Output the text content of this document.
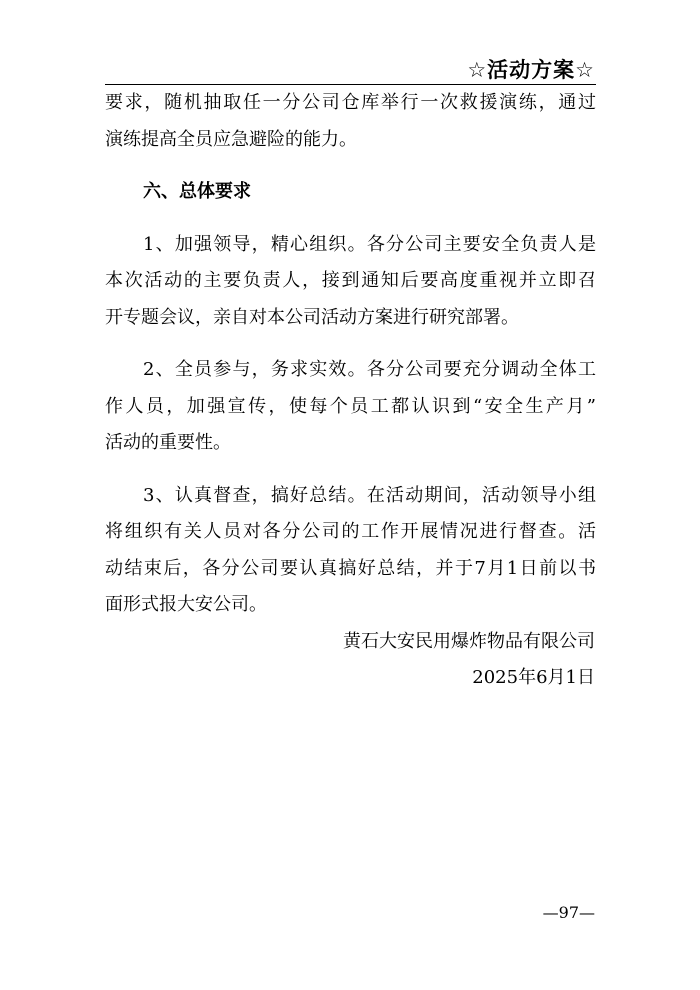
☆活动方案☆
要求，随机抽取任一分公司仓库举行一次救援演练，通过
演练提高全员应急避险的能力。
六、总体要求
1、加强领导，精心组织。各分公司主要安全负责人是
本次活动的主要负责人，接到通知后要高度重视并立即召
开专题会议，亲自对本公司活动方案进行研究部署。
2、全员参与，务求实效。各分公司要充分调动全体工
作人员，加强宣传，使每个员工都认识到“安全生产月”
活动的重要性。
3、认真督查，搞好总结。在活动期间，活动领导小组
将组织有关人员对各分公司的工作开展情况进行督查。活
动结束后，各分公司要认真搞好总结，并于7月1日前以书
面形式报大安公司。
黄石大安民用爆炸物品有限公司
2025年6月1日
—97—
